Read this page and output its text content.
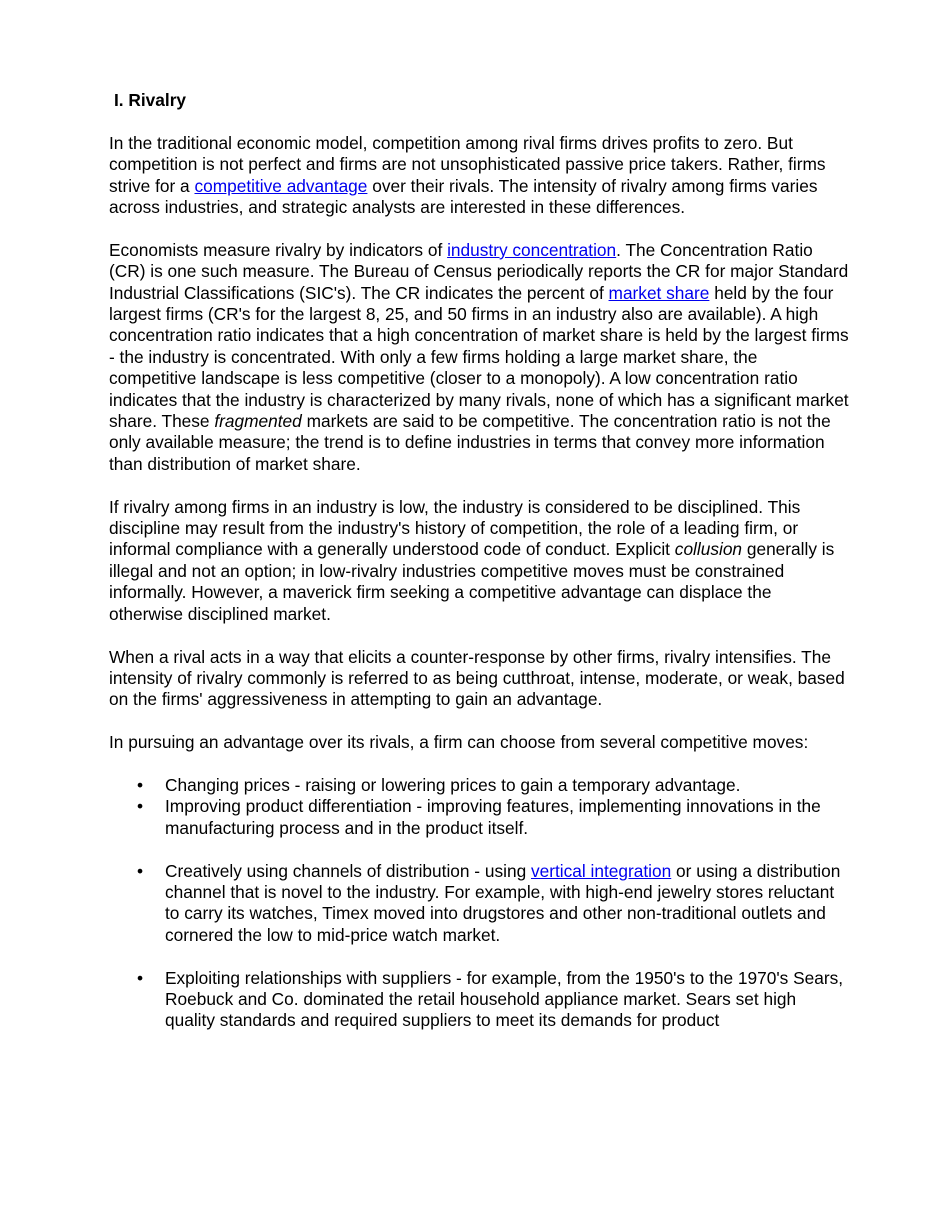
I. Rivalry

In the traditional economic model, competition among rival firms drives profits to zero. But competition is not perfect and firms are not unsophisticated passive price takers. Rather, firms strive for a competitive advantage over their rivals. The intensity of rivalry among firms varies across industries, and strategic analysts are interested in these differences.

Economists measure rivalry by indicators of industry concentration. The Concentration Ratio (CR) is one such measure. The Bureau of Census periodically reports the CR for major Standard Industrial Classifications (SIC's). The CR indicates the percent of market share held by the four largest firms (CR's for the largest 8, 25, and 50 firms in an industry also are available). A high concentration ratio indicates that a high concentration of market share is held by the largest firms - the industry is concentrated. With only a few firms holding a large market share, the competitive landscape is less competitive (closer to a monopoly). A low concentration ratio indicates that the industry is characterized by many rivals, none of which has a significant market share. These fragmented markets are said to be competitive. The concentration ratio is not the only available measure; the trend is to define industries in terms that convey more information than distribution of market share.

If rivalry among firms in an industry is low, the industry is considered to be disciplined. This discipline may result from the industry's history of competition, the role of a leading firm, or informal compliance with a generally understood code of conduct. Explicit collusion generally is illegal and not an option; in low-rivalry industries competitive moves must be constrained informally. However, a maverick firm seeking a competitive advantage can displace the otherwise disciplined market.

When a rival acts in a way that elicits a counter-response by other firms, rivalry intensifies. The intensity of rivalry commonly is referred to as being cutthroat, intense, moderate, or weak, based on the firms' aggressiveness in attempting to gain an advantage.

In pursuing an advantage over its rivals, a firm can choose from several competitive moves:

• Changing prices - raising or lowering prices to gain a temporary advantage.
• Improving product differentiation - improving features, implementing innovations in the manufacturing process and in the product itself.
• Creatively using channels of distribution - using vertical integration or using a distribution channel that is novel to the industry. For example, with high-end jewelry stores reluctant to carry its watches, Timex moved into drugstores and other non-traditional outlets and cornered the low to mid-price watch market.
• Exploiting relationships with suppliers - for example, from the 1950's to the 1970's Sears, Roebuck and Co. dominated the retail household appliance market. Sears set high quality standards and required suppliers to meet its demands for product
